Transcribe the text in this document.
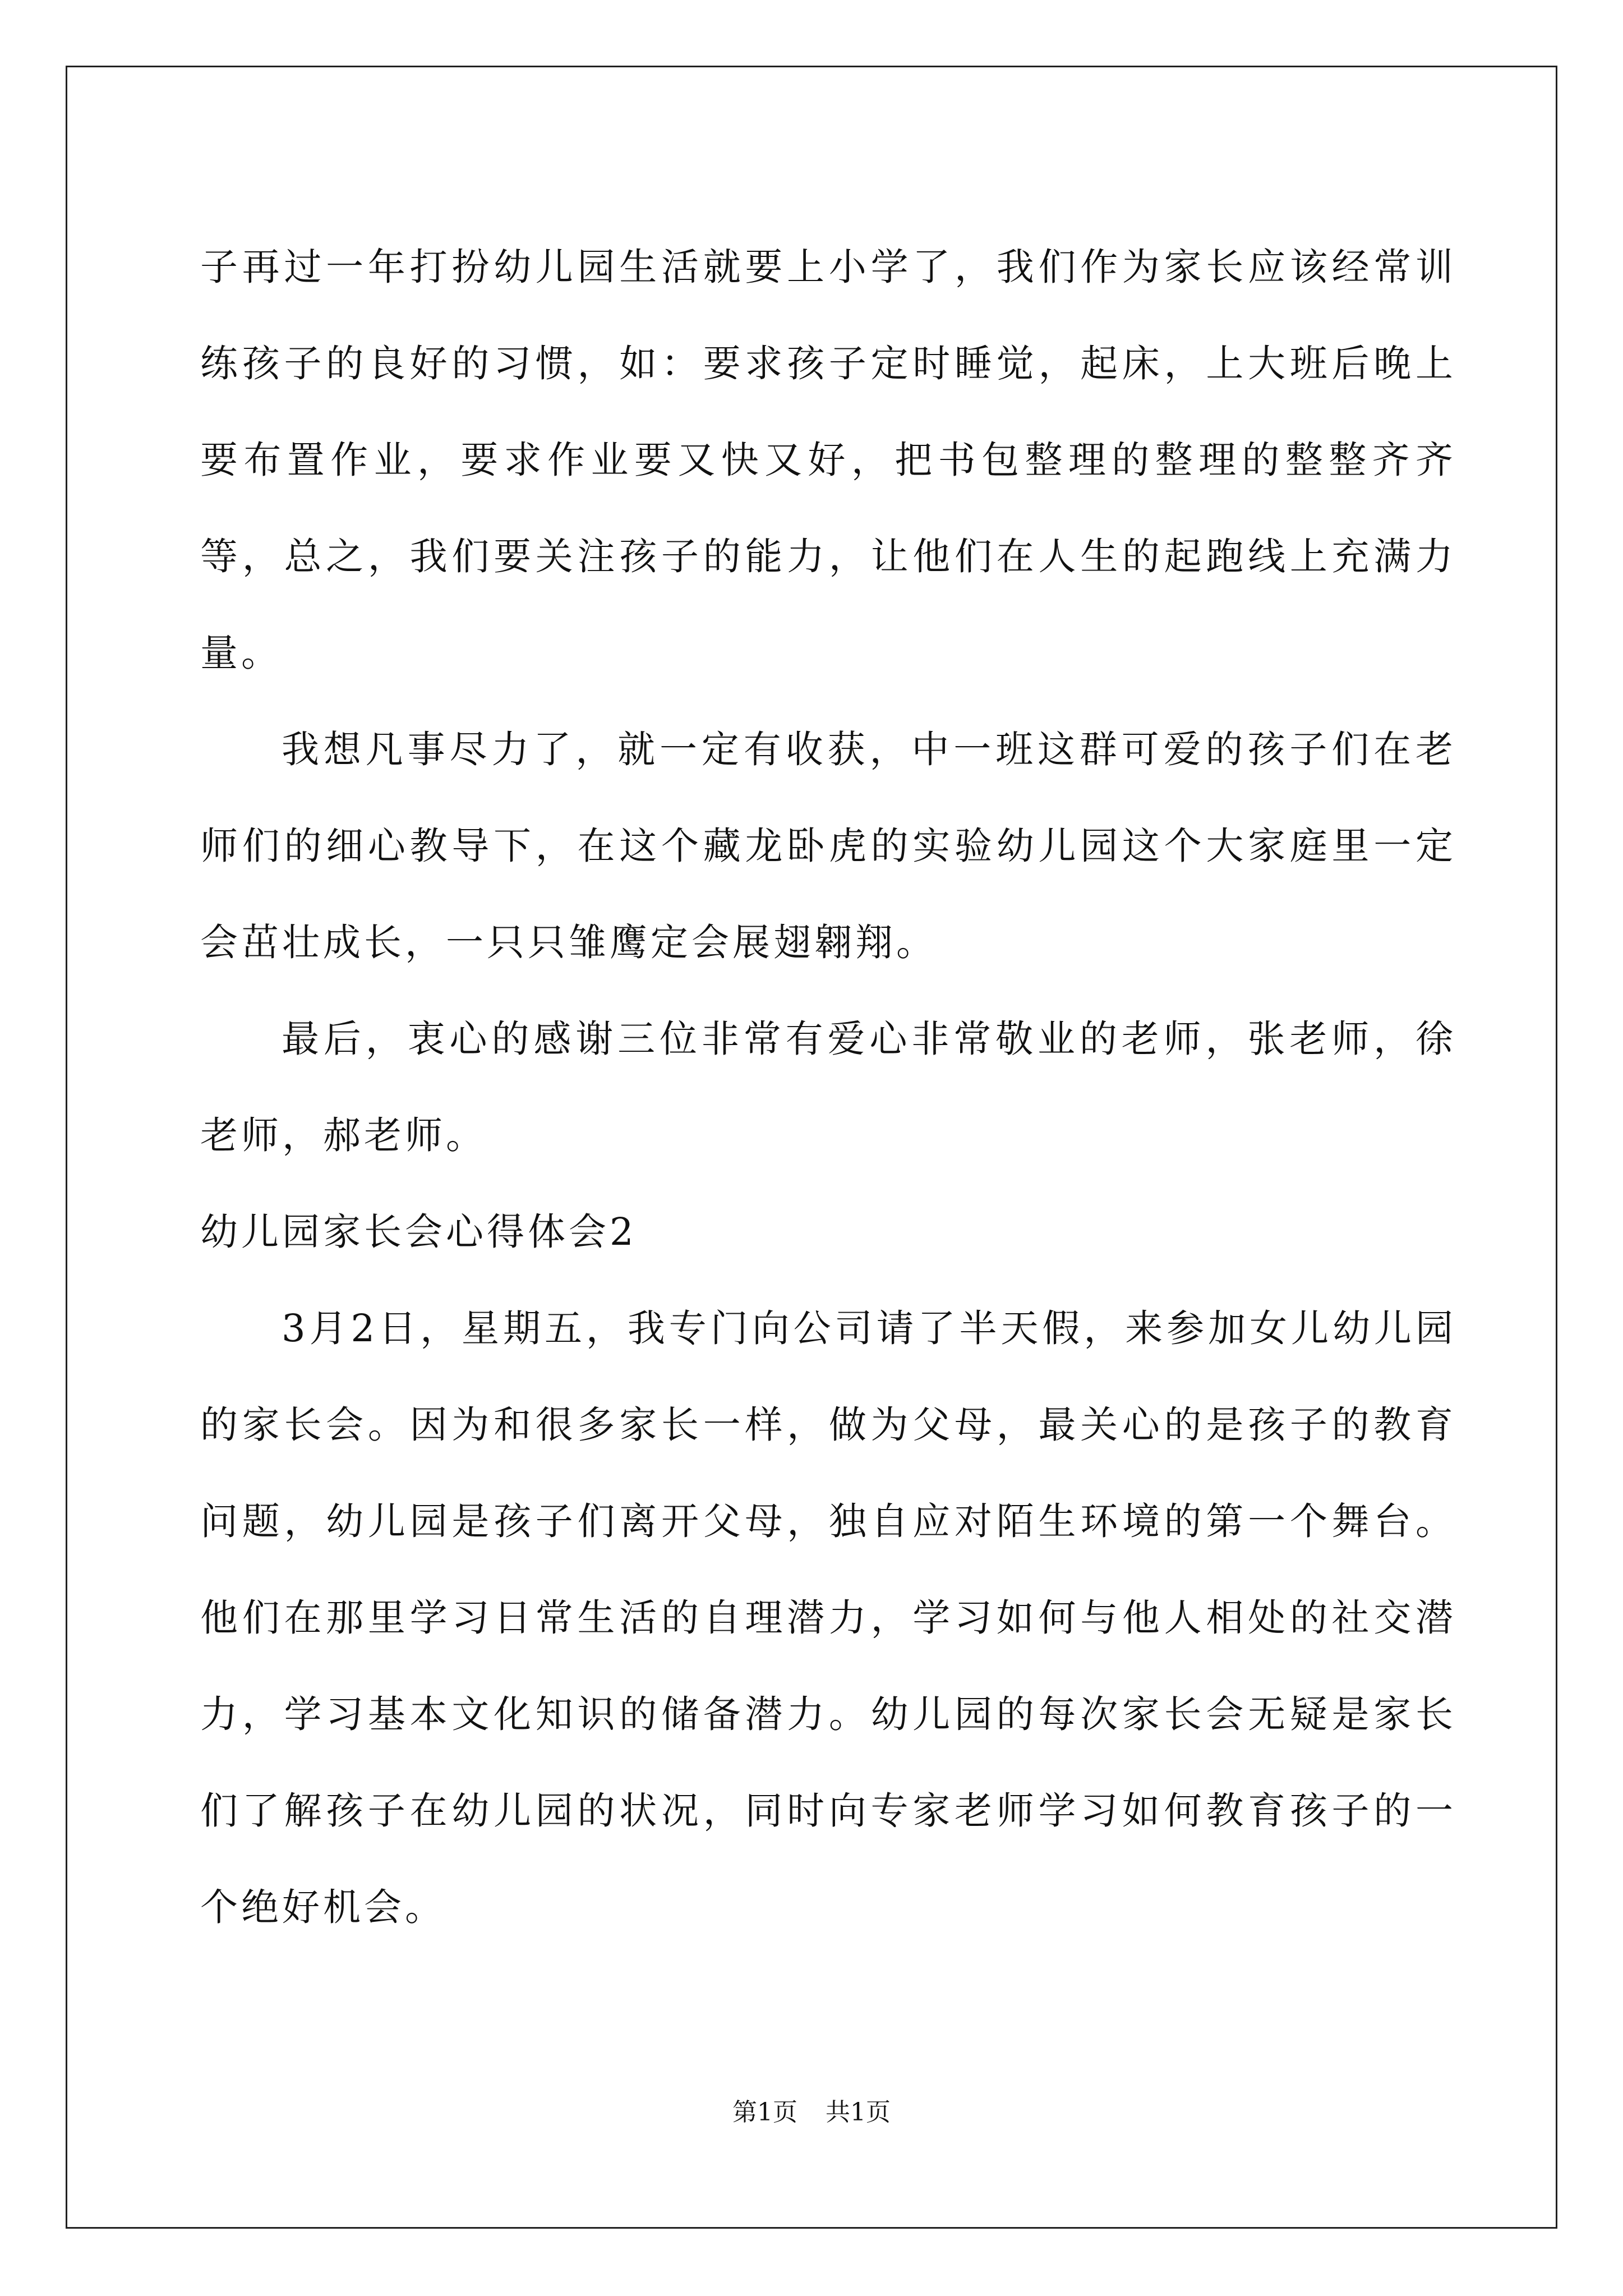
子再过一年打扮幼儿园生活就要上小学了，我们作为家长应该经常训练孩子的良好的习惯，如：要求孩子定时睡觉，起床，上大班后晚上要布置作业，要求作业要又快又好，把书包整理的整理的整整齐齐等，总之，我们要关注孩子的能力，让他们在人生的起跑线上充满力量。

我想凡事尽力了，就一定有收获，中一班这群可爱的孩子们在老师们的细心教导下，在这个藏龙卧虎的实验幼儿园这个大家庭里一定会茁壮成长，一只只雏鹰定会展翅翱翔。

最后，衷心的感谢三位非常有爱心非常敬业的老师，张老师，徐老师，郝老师。

幼儿园家长会心得体会2

3月2日，星期五，我专门向公司请了半天假，来参加女儿幼儿园的家长会。因为和很多家长一样，做为父母，最关心的是孩子的教育问题，幼儿园是孩子们离开父母，独自应对陌生环境的第一个舞台。他们在那里学习日常生活的自理潜力，学习如何与他人相处的社交潜力，学习基本文化知识的储备潜力。幼儿园的每次家长会无疑是家长们了解孩子在幼儿园的状况，同时向专家老师学习如何教育孩子的一个绝好机会。

第1页 共1页
